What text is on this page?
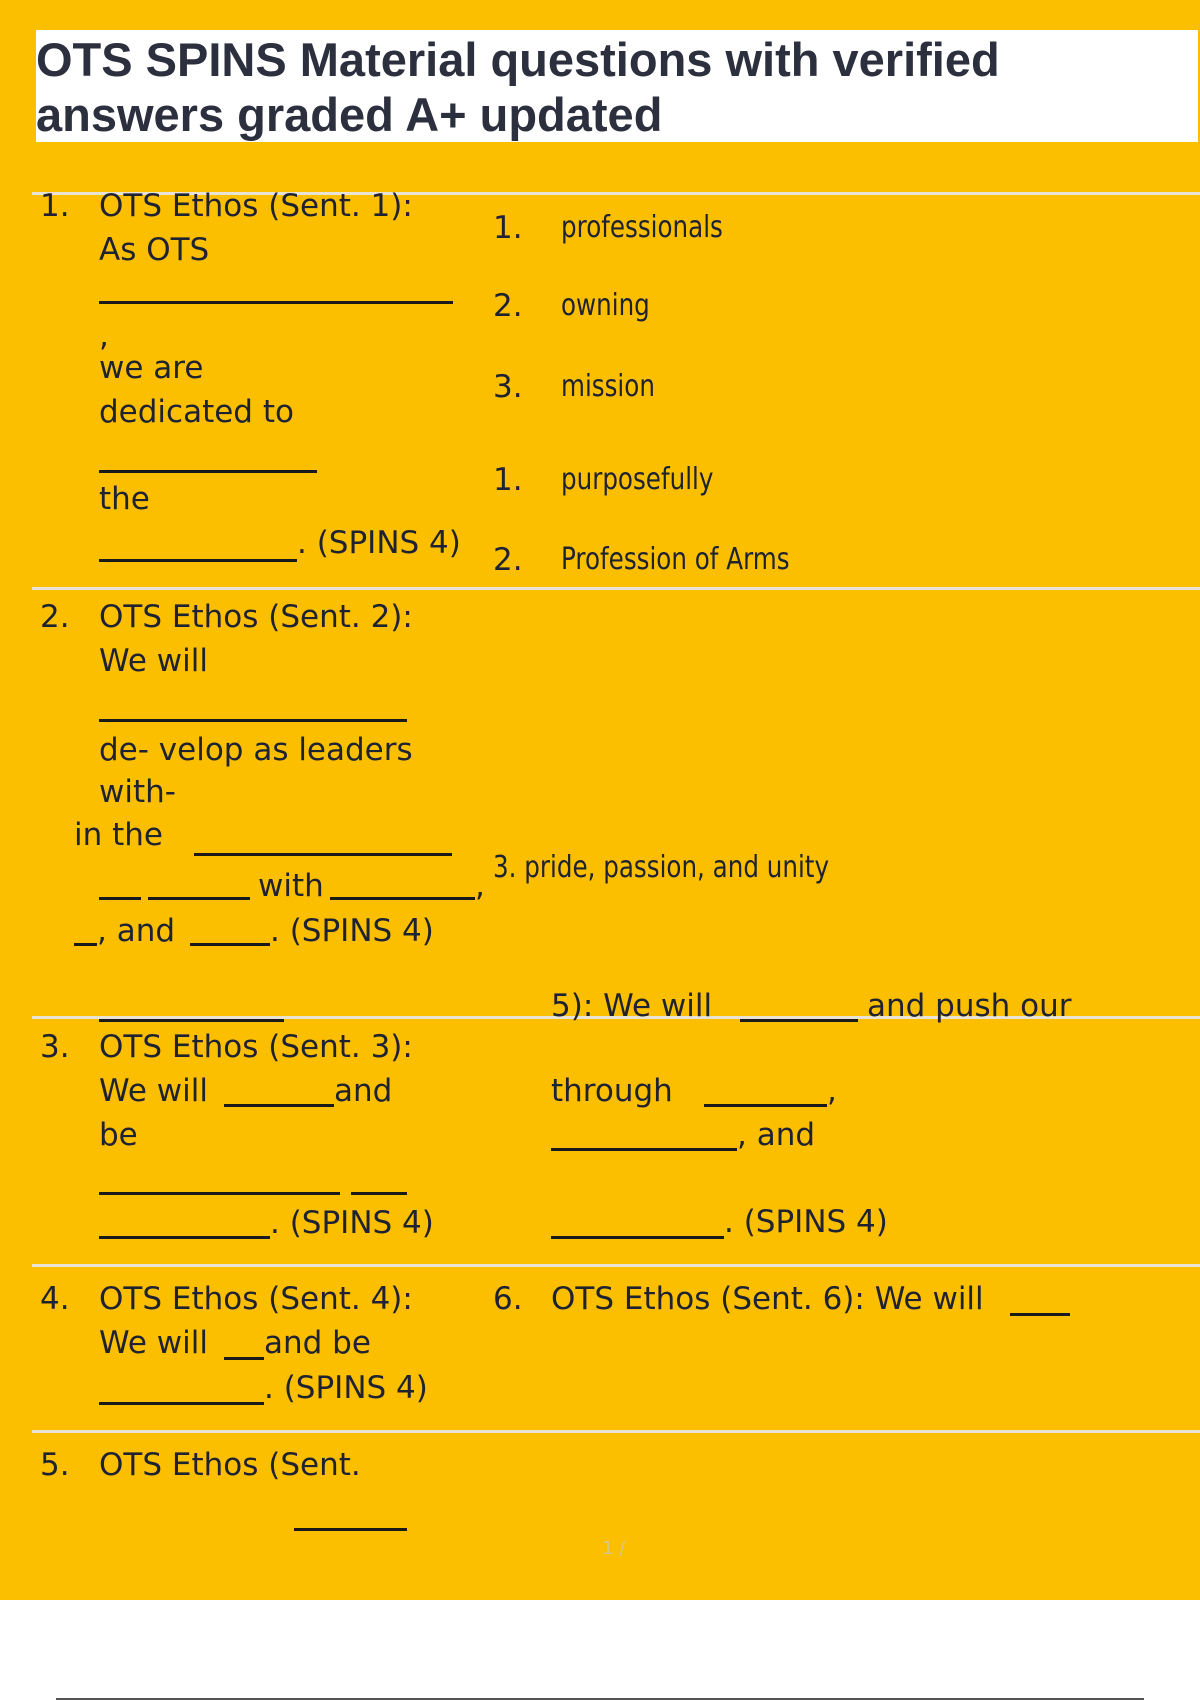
OTS SPINS Material questions with verified
answers graded A+ updated
1. OTS Ethos (Sent. 1):
As OTS
,
we are
dedicated to
the
. (SPINS 4)
1. professionals
2. owning
3. mission
1. purposefully
2. Profession of Arms
3. pride, passion, and unity
2. OTS Ethos (Sent. 2):
We will
de- velop as leaders
with-
in the
with	,
, and	. (SPINS 4)
5): We will	and push our
through	,
, and
. (SPINS 4)
3. OTS Ethos (Sent. 3):
We will	and
be
. (SPINS 4)
4. OTS Ethos (Sent. 4):
We will and be
. (SPINS 4)
6. OTS Ethos (Sent. 6): We will
5. OTS Ethos (Sent.
1 /
